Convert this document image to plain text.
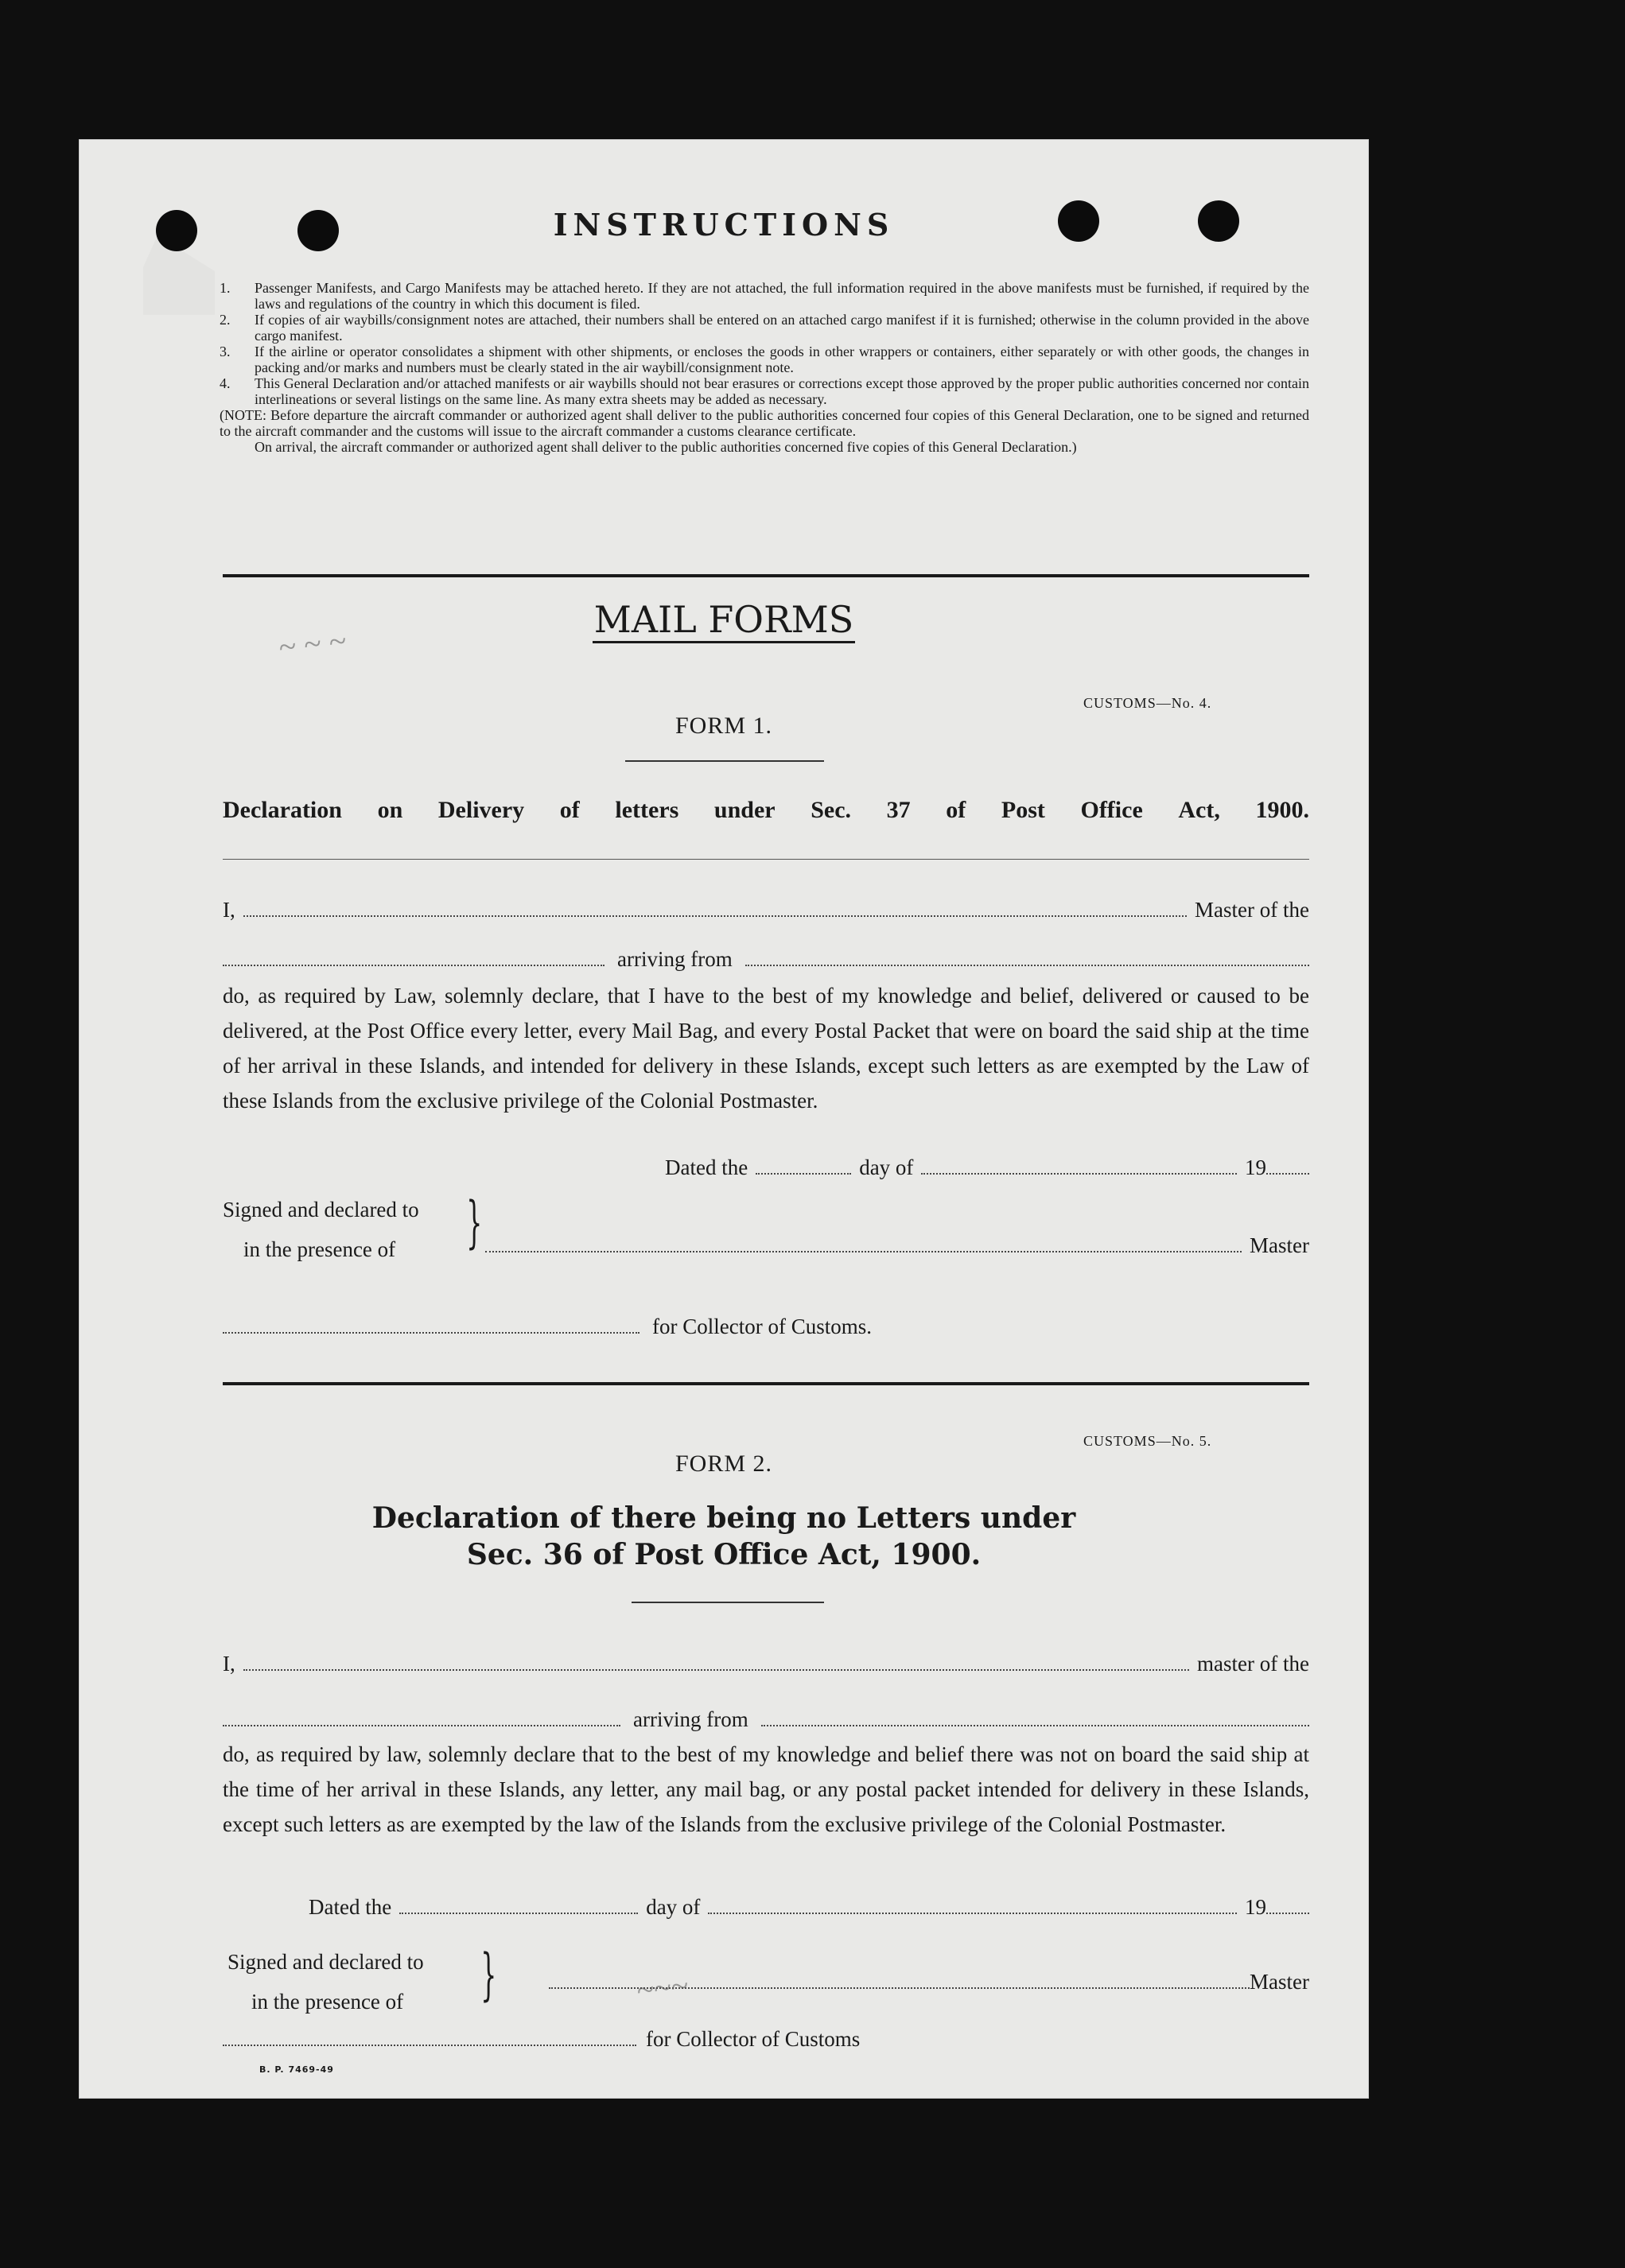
INSTRUCTIONS
1. Passenger Manifests, and Cargo Manifests may be attached hereto. If they are not attached, the full information required in the above manifests must be furnished, if required by the laws and regulations of the country in which this document is filed.
2. If copies of air waybills/consignment notes are attached, their numbers shall be entered on an attached cargo manifest if it is furnished; otherwise in the column provided in the above cargo manifest.
3. If the airline or operator consolidates a shipment with other shipments, or encloses the goods in other wrappers or containers, either separately or with other goods, the changes in packing and/or marks and numbers must be clearly stated in the air waybill/consignment note.
4. This General Declaration and/or attached manifests or air waybills should not bear erasures or corrections except those approved by the proper public authorities concerned nor contain interlineations or several listings on the same line. As many extra sheets may be added as necessary.
(NOTE: Before departure the aircraft commander or authorized agent shall deliver to the public authorities concerned four copies of this General Declaration, one to be signed and returned to the aircraft commander and the customs will issue to the aircraft commander a customs clearance certificate.
On arrival, the aircraft commander or authorized agent shall deliver to the public authorities concerned five copies of this General Declaration.)
MAIL FORMS
~ ~ ~
CUSTOMS—No. 4.
FORM 1.
Declaration on Delivery of letters under Sec. 37 of Post Office Act, 1900.
I,	Master of the
arriving from
do, as required by Law, solemnly declare, that I have to the best of my knowledge and belief, delivered or caused to be delivered, at the Post Office every letter, every Mail Bag, and every Postal Packet that were on board the said ship at the time of her arrival in these Islands, and intended for delivery in these Islands, except such letters as are exempted by the Law of these Islands from the exclusive privilege of the Colonial Postmaster.
Dated the	day of	19
Signed and declared to
in the presence of	}	Master
for Collector of Customs.
CUSTOMS—No. 5.
FORM 2.
Declaration of there being no Letters under
Sec. 36 of Post Office Act, 1900.
I,	master of the
arriving from
do, as required by law, solemnly declare that to the best of my knowledge and belief there was not on board the said ship at the time of her arrival in these Islands, any letter, any mail bag, or any postal packet intended for delivery in these Islands, except such letters as are exempted by the law of the Islands from the exclusive privilege of the Colonial Postmaster.
Dated the	day of	19
Signed and declared to
in the presence of	}	Master
~~~
for Collector of Customs
B. P. 7469-49
